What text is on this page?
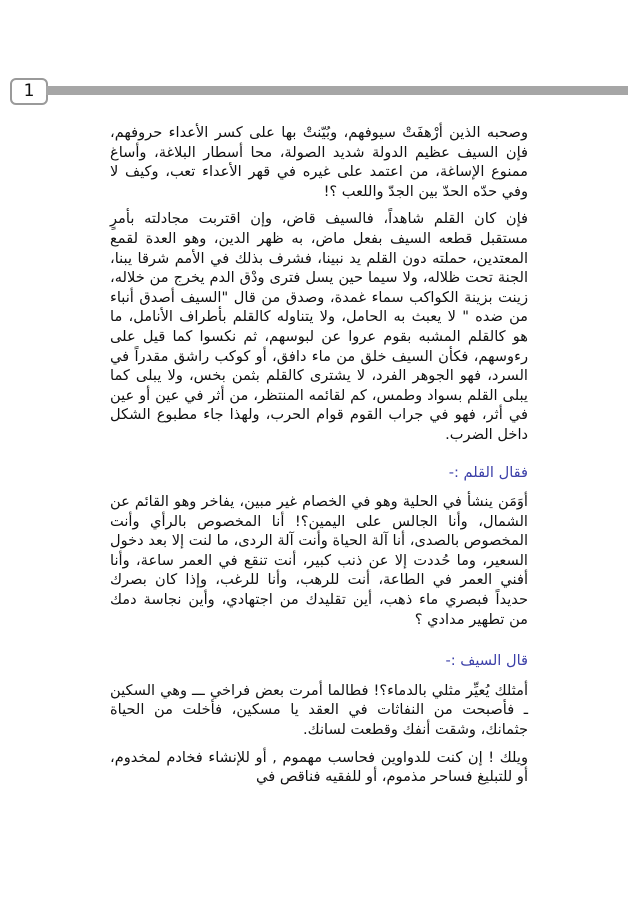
1

وصحبه الذين أرْهفَتْ سيوفهم، وبُيّنتْ بها على كسر الأعداء حروفهم، فإن السيف عظيم الدولة شديد الصولة، محا أسطار البلاغة، وأساغ ممنوع الإساغة، من اعتمد على غيره في قهر الأعداء تعب، وكيف لا وفي حدّه الحدّ بين الجدّ واللعب ؟!

فإن كان القلم شاهداً، فالسيف قاض، وإن اقتربت مجادلته بأمرٍ مستقبل قطعه السيف بفعل ماض، به ظهر الدين، وهو العدة لقمع المعتدين، حملته دون القلم يد نبينا، فشرف بذلك في الأمم شرقا يبنا، الجنة تحت ظلاله، ولا سيما حين يسل فترى ودْق الدم يخرج من خلاله، زينت بزينة الكواكب سماء غمدة، وصدق من قال "السيف أصدق أنباء من ضده " لا يعبث به الحامل، ولا يتناوله كالقلم بأطراف الأنامل، ما هو كالقلم المشبه بقوم عروا عن لبوسهم، ثم نكسوا كما قيل على رءوسهم، فكأن السيف خلق من ماء دافق، أو كوكب راشق مقدراً في السرد، فهو الجوهر الفرد، لا يشترى كالقلم بثمن بخس، ولا يبلى كما يبلى القلم بسواد وطمس، كم لقائمه المنتظر، من أثر في عين أو عين في أثر، فهو في جراب القوم قوام الحرب، ولهذا جاء مطبوع الشكل داخل الضرب.

فقال القلم :-

أوَمَن ينشأ في الحلية وهو في الخصام غير مبين، يفاخر وهو القائم عن الشمال، وأنا الجالس على اليمين؟! أنا المخصوص بالرأي وأنت المخصوص بالصدى، أنا آلة الحياة وأنت آلة الردى، ما لنت إلا بعد دخول السعير، وما حُددت إلا عن ذنب كبير، أنت تنقع في العمر ساعة، وأنا أفني العمر في الطاعة، أنت للرهب، وأنا للرغب، وإذا كان بصرك حديداً فبصري ماء ذهب، أين تقليدك من اجتهادي، وأين نجاسة دمك من تطهير مدادي ؟

قال السيف :-

أمثلك يُعيِّر مثلي بالدماء؟! فطالما أمرت بعض فراخي ـــ وهي السكين ـ فأصبحت من النفاثات في العقد يا مسكين، فأخلت من الحياة جثمانك، وشقت أنفك وقطعت لسانك.

ويلك ! إن كنت للدواوين فحاسب مهموم , أو للإنشاء فخادم لمخدوم، أو للتبليغ فساحر مذموم، أو للفقيه فناقص في
